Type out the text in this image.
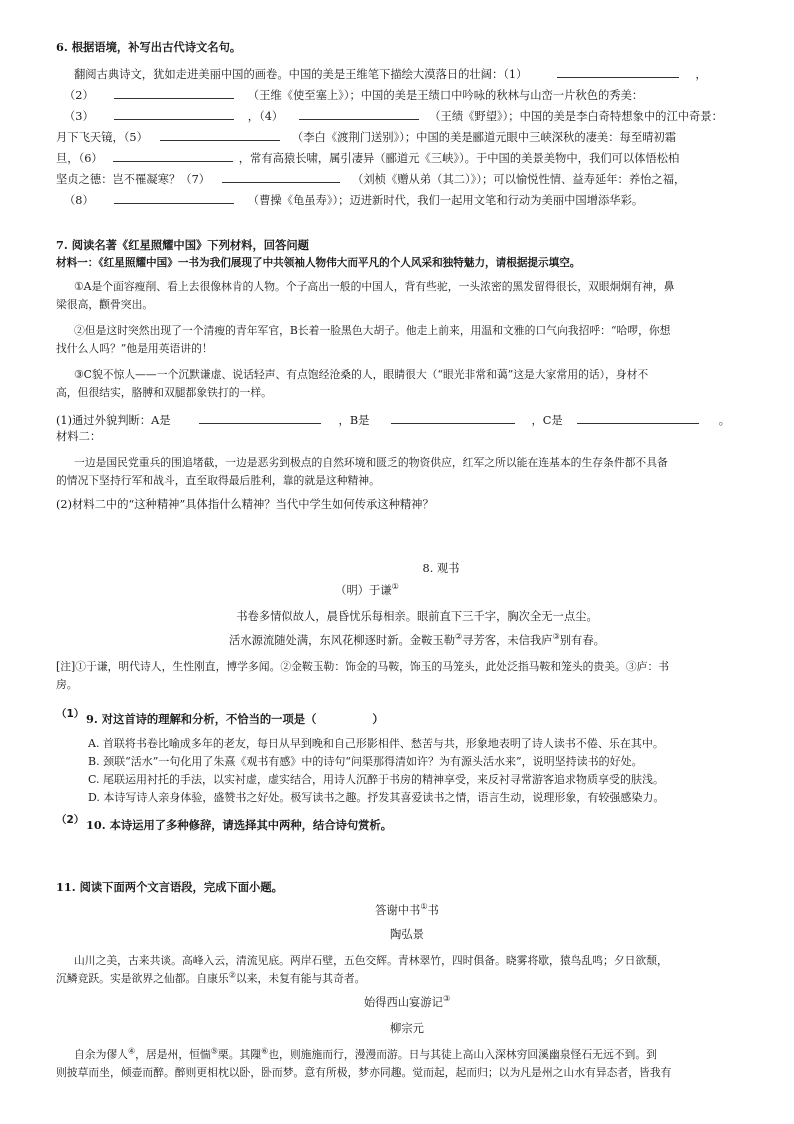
6. 根据语境，补写出古代诗文名句。
翻阅古典诗文，犹如走进美丽中国的画卷。中国的美是王维笔下描绘大漠落日的壮阔：（1）	，
（2）	（王维《使至塞上》）；中国的美是王绩口中吟咏的秋林与山峦一片秋色的秀美：
（3）	，（4）	（王绩《野望》）；中国的美是李白奇特想象中的江中奇景：
月下飞天镜，（5）	（李白《渡荆门送别》）；中国的美是郦道元眼中三峡深秋的凄美：每至晴初霜
旦，（6）	，常有高猿长啸，属引凄异（郦道元《三峡》）。于中国的美景美物中，我们可以体悟松柏
坚贞之德：岂不罹凝寒？（7）	（刘桢《赠从弟（其二）》）；可以愉悦性情、益寿延年：养怡之福，
（8）	（曹操《龟虽寿》）；迈进新时代，我们一起用文笔和行动为美丽中国增添华彩。
7. 阅读名著《红星照耀中国》下列材料，回答问题
材料一：《红星照耀中国》一书为我们展现了中共领袖人物伟大而平凡的个人风采和独特魅力，请根据提示填空。
①A是个面容瘦削、看上去很像林肯的人物。个子高出一般的中国人，背有些驼，一头浓密的黑发留得很长，双眼炯炯有神，鼻
梁很高，颧骨突出。
②但是这时突然出现了一个清瘦的青年军官，B长着一脸黑色大胡子。他走上前来，用温和文雅的口气向我招呼：“哈啰，你想
找什么人吗？”他是用英语讲的！
③C貌不惊人——一个沉默谦虚、说话轻声、有点饱经沧桑的人，眼睛很大（“眼光非常和蔼”这是大家常用的话），身材不
高，但很结实，胳膊和双腿都象铁打的一样。
(1)通过外貌判断：A是	，B是	，C是	。
材料二：
一边是国民党重兵的围追堵截，一边是恶劣到极点的自然环境和匮乏的物资供应，红军之所以能在连基本的生存条件都不具备
的情况下坚持行军和战斗，直至取得最后胜利，靠的就是这种精神。
(2)材料二中的“这种精神”具体指什么精神？当代中学生如何传承这种精神？
8. 观书
（明）于谦①
书卷多情似故人，晨昏忧乐每相亲。眼前直下三千字，胸次全无一点尘。
活水源流随处满，东风花柳逐时新。金鞍玉勒②寻芳客，未信我庐③别有春。
[注]①于谦，明代诗人，生性刚直，博学多闻。②金鞍玉勒：饰金的马鞍，饰玉的马笼头，此处泛指马鞍和笼头的贵美。③庐：书
房。
（1） 9. 对这首诗的理解和分析，不恰当的一项是（	）
A. 首联将书卷比喻成多年的老友，每日从早到晚和自己形影相伴、愁苦与共，形象地表明了诗人读书不倦、乐在其中。
B. 颈联“活水”一句化用了朱熹《观书有感》中的诗句“问渠那得清如许？为有源头活水来”，说明坚持读书的好处。
C. 尾联运用衬托的手法，以实衬虚，虚实结合，用诗人沉醉于书房的精神享受，来反衬寻常游客追求物质享受的肤浅。
D. 本诗写诗人亲身体验，盛赞书之好处。极写读书之趣。抒发其喜爱读书之情，语言生动，说理形象，有较强感染力。
（2） 10. 本诗运用了多种修辞，请选择其中两种，结合诗句赏析。
11. 阅读下面两个文言语段，完成下面小题。
答谢中书①书
陶弘景
山川之美，古来共谈。高峰入云，清流见底。两岸石壁，五色交辉。青林翠竹，四时俱备。晓雾将歇，猿鸟乱鸣；夕日欲颓，
沉鳞竞跃。实是欲界之仙都。自康乐②以来，未复有能与其奇者。
始得西山宴游记③
柳宗元
自余为僇人④，居是州，恒惴⑤栗。其隟⑥也，则施施而行，漫漫而游。日与其徒上高山入深林穷回溪幽泉怪石无远不到。到
则披草而坐，倾壶而醉。醉则更相枕以卧，卧而梦。意有所极，梦亦同趣。觉而起，起而归；以为凡是州之山水有异态者，皆我有
